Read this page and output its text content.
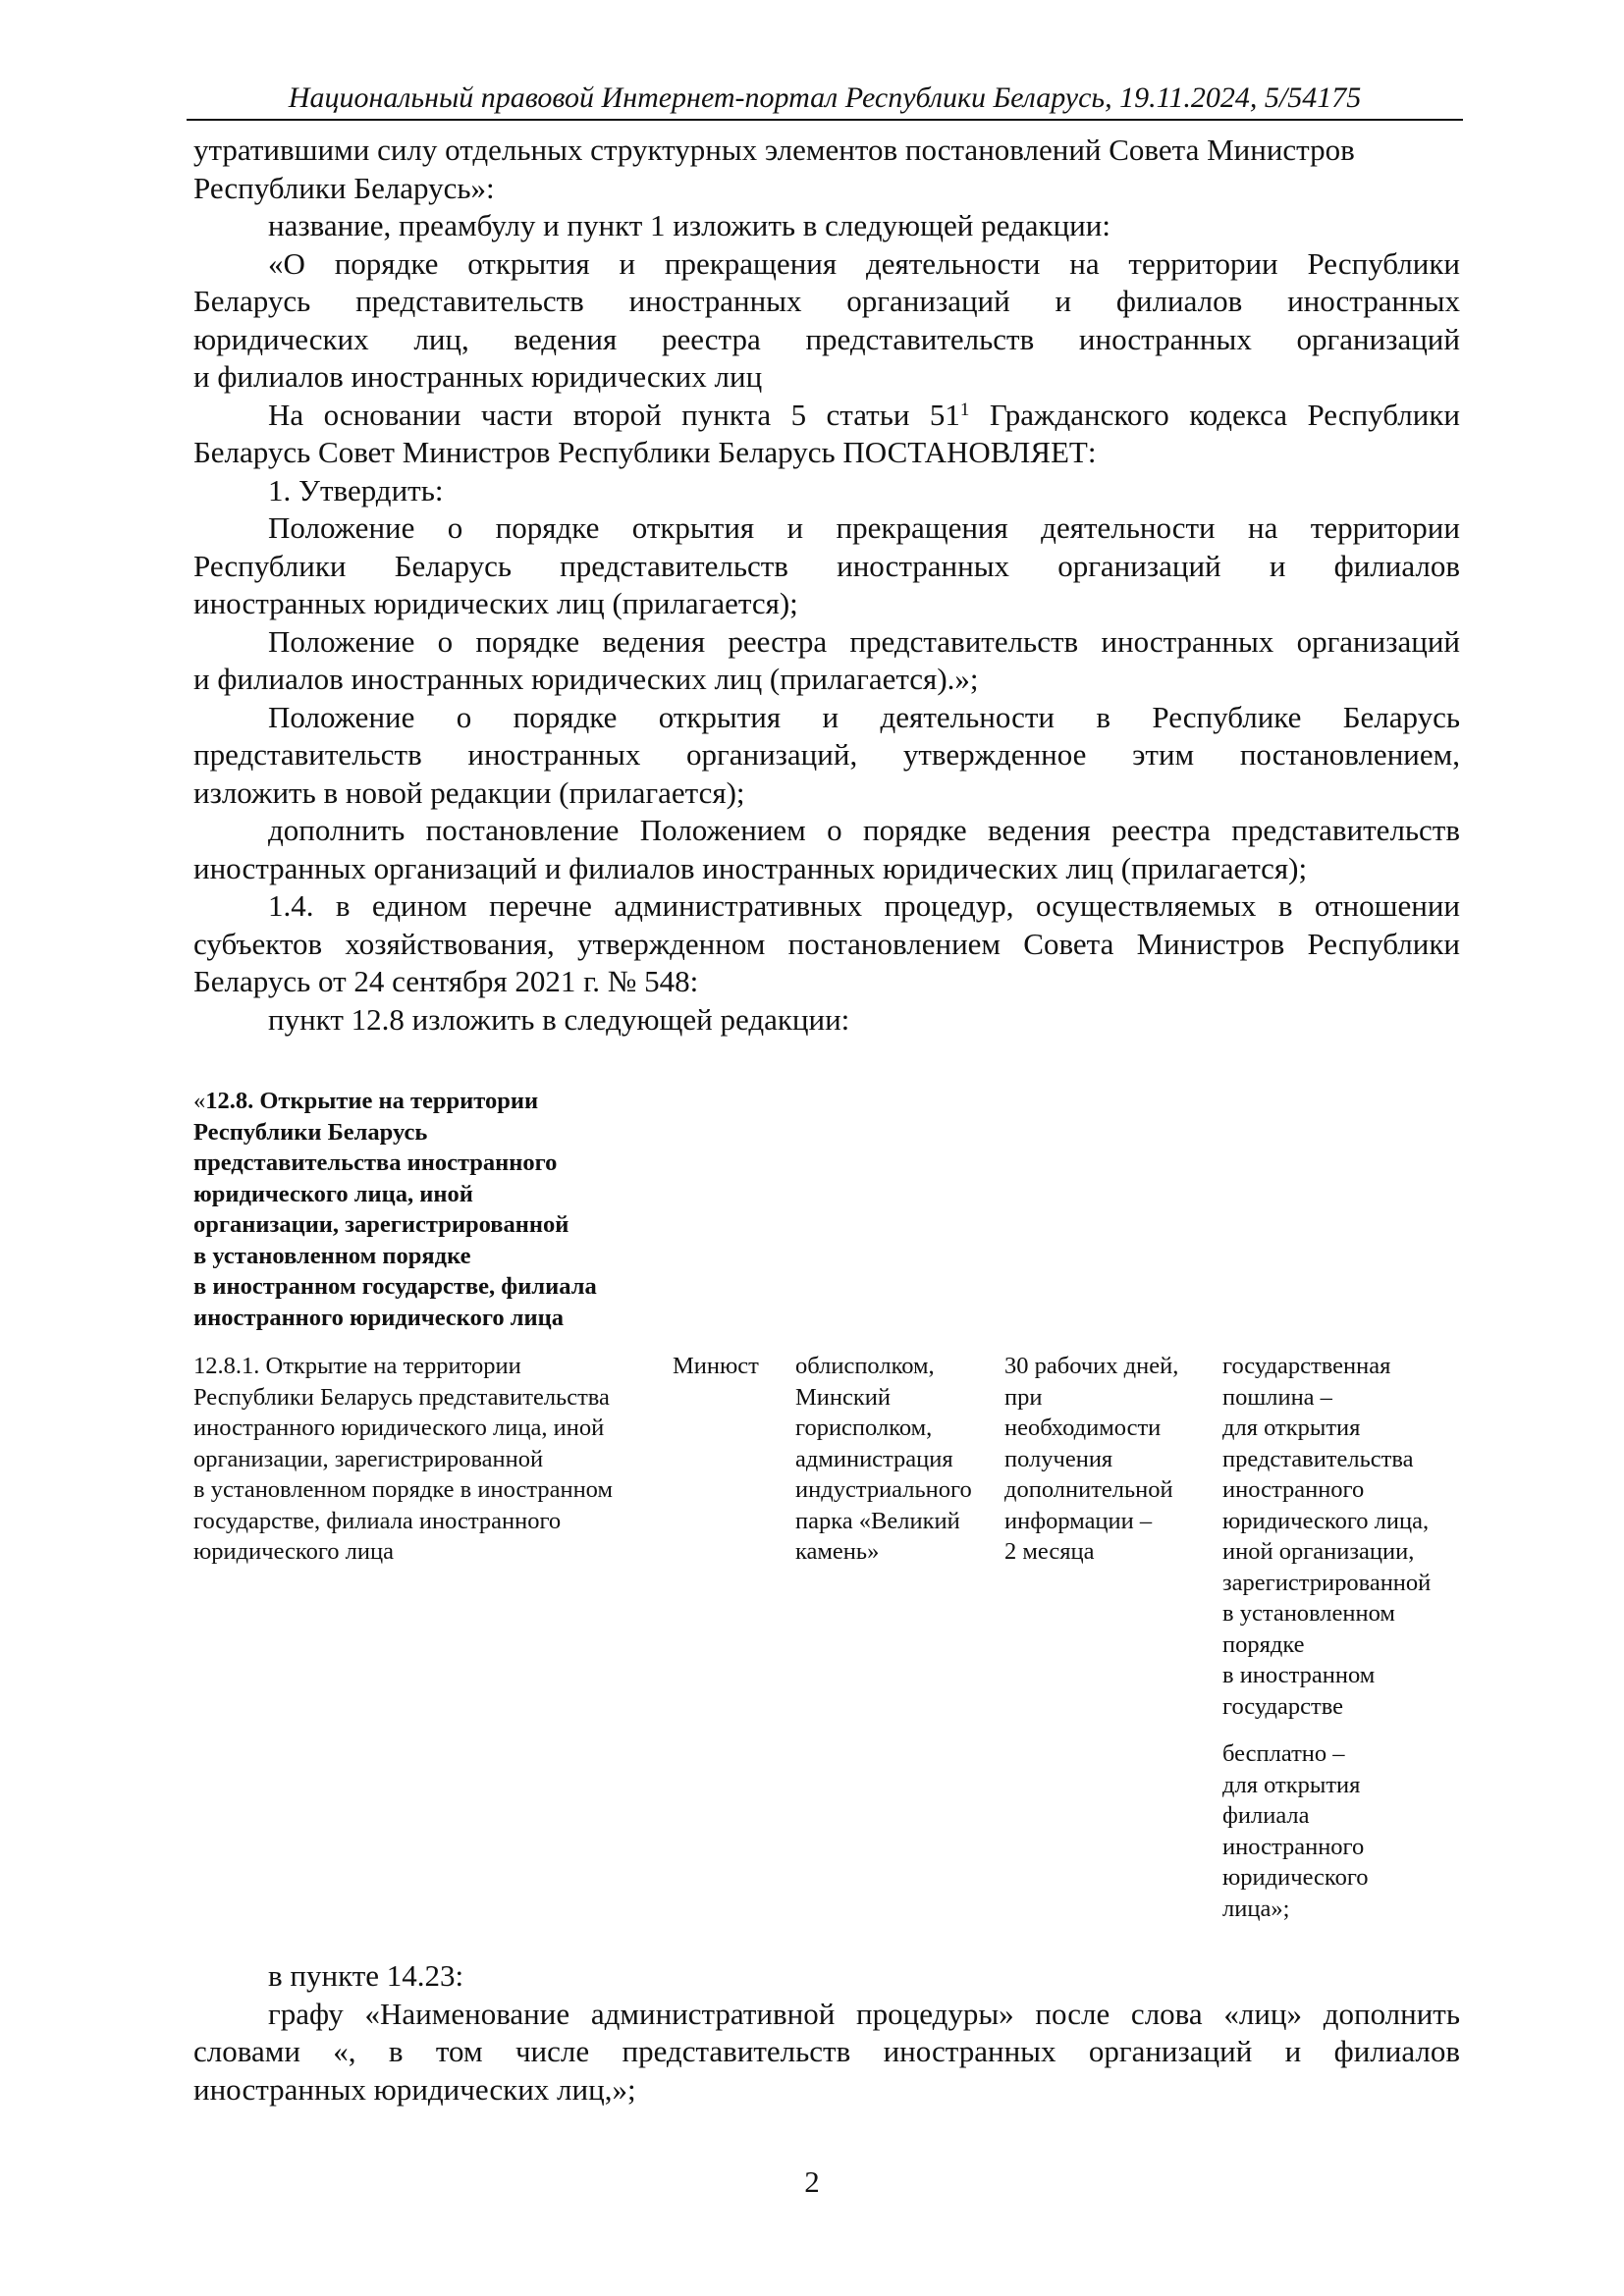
Национальный правовой Интернет-портал Республики Беларусь, 19.11.2024, 5/54175
утратившими силу отдельных структурных элементов постановлений Совета Министров

Республики Беларусь»:

название, преамбулу и пункт 1 изложить в следующей редакции:

«О порядке открытия и прекращения деятельности на территории Республики

Беларусь представительств иностранных организаций и филиалов иностранных

юридических лиц, ведения реестра представительств иностранных организаций

и филиалов иностранных юридических лиц

На основании части второй пункта 5 статьи $51^1$ Гражданского кодекса Республики

Беларусь Совет Министров Республики Беларусь ПОСТАНОВЛЯЕТ:

1. Утвердить:

Положение о порядке открытия и прекращения деятельности на территории

Республики Беларусь представительств иностранных организаций и филиалов

иностранных юридических лиц (прилагается);

Положение о порядке ведения реестра представительств иностранных организаций

и филиалов иностранных юридических лиц (прилагается).»;

Положение о порядке открытия и деятельности в Республике Беларусь

представительств иностранных организаций, утвержденное этим постановлением,

изложить в новой редакции (прилагается);

дополнить постановление Положением о порядке ведения реестра представительств

иностранных организаций и филиалов иностранных юридических лиц (прилагается);

1.4. в едином перечне административных процедур, осуществляемых в отношении

субъектов хозяйствования, утвержденном постановлением Совета Министров Республики

Беларусь от 24 сентября 2021 г. № 548:

пункт 12.8 изложить в следующей редакции:

«12.8. Открытие на территории
Республики Беларусь
представительства иностранного
юридического лица, иной
организации, зарегистрированной
в установленном порядке
в иностранном государстве, филиала
иностранного юридического лица
12.8.1. Открытие на территории
Республики Беларусь представительства
иностранного юридического лица, иной
организации, зарегистрированной
в установленном порядке в иностранном
государстве, филиала иностранного
юридического лица
Минюст	облисполком,
Минский
горисполком,
администрация
индустриального
парка «Великий
камень»
30 рабочих дней,
при
необходимости
получения
дополнительной
информации –
2 месяца
государственная
пошлина –
для открытия
представительства
иностранного
юридического лица,
иной организации,
зарегистрированной
в установленном
порядке
в иностранном
государстве
бесплатно –
для открытия
филиала
иностранного
юридического
лица»;

в пункте 14.23:

графу «Наименование административной процедуры» после слова «лиц» дополнить

словами «, в том числе представительств иностранных организаций и филиалов

иностранных юридических лиц,»;

2
